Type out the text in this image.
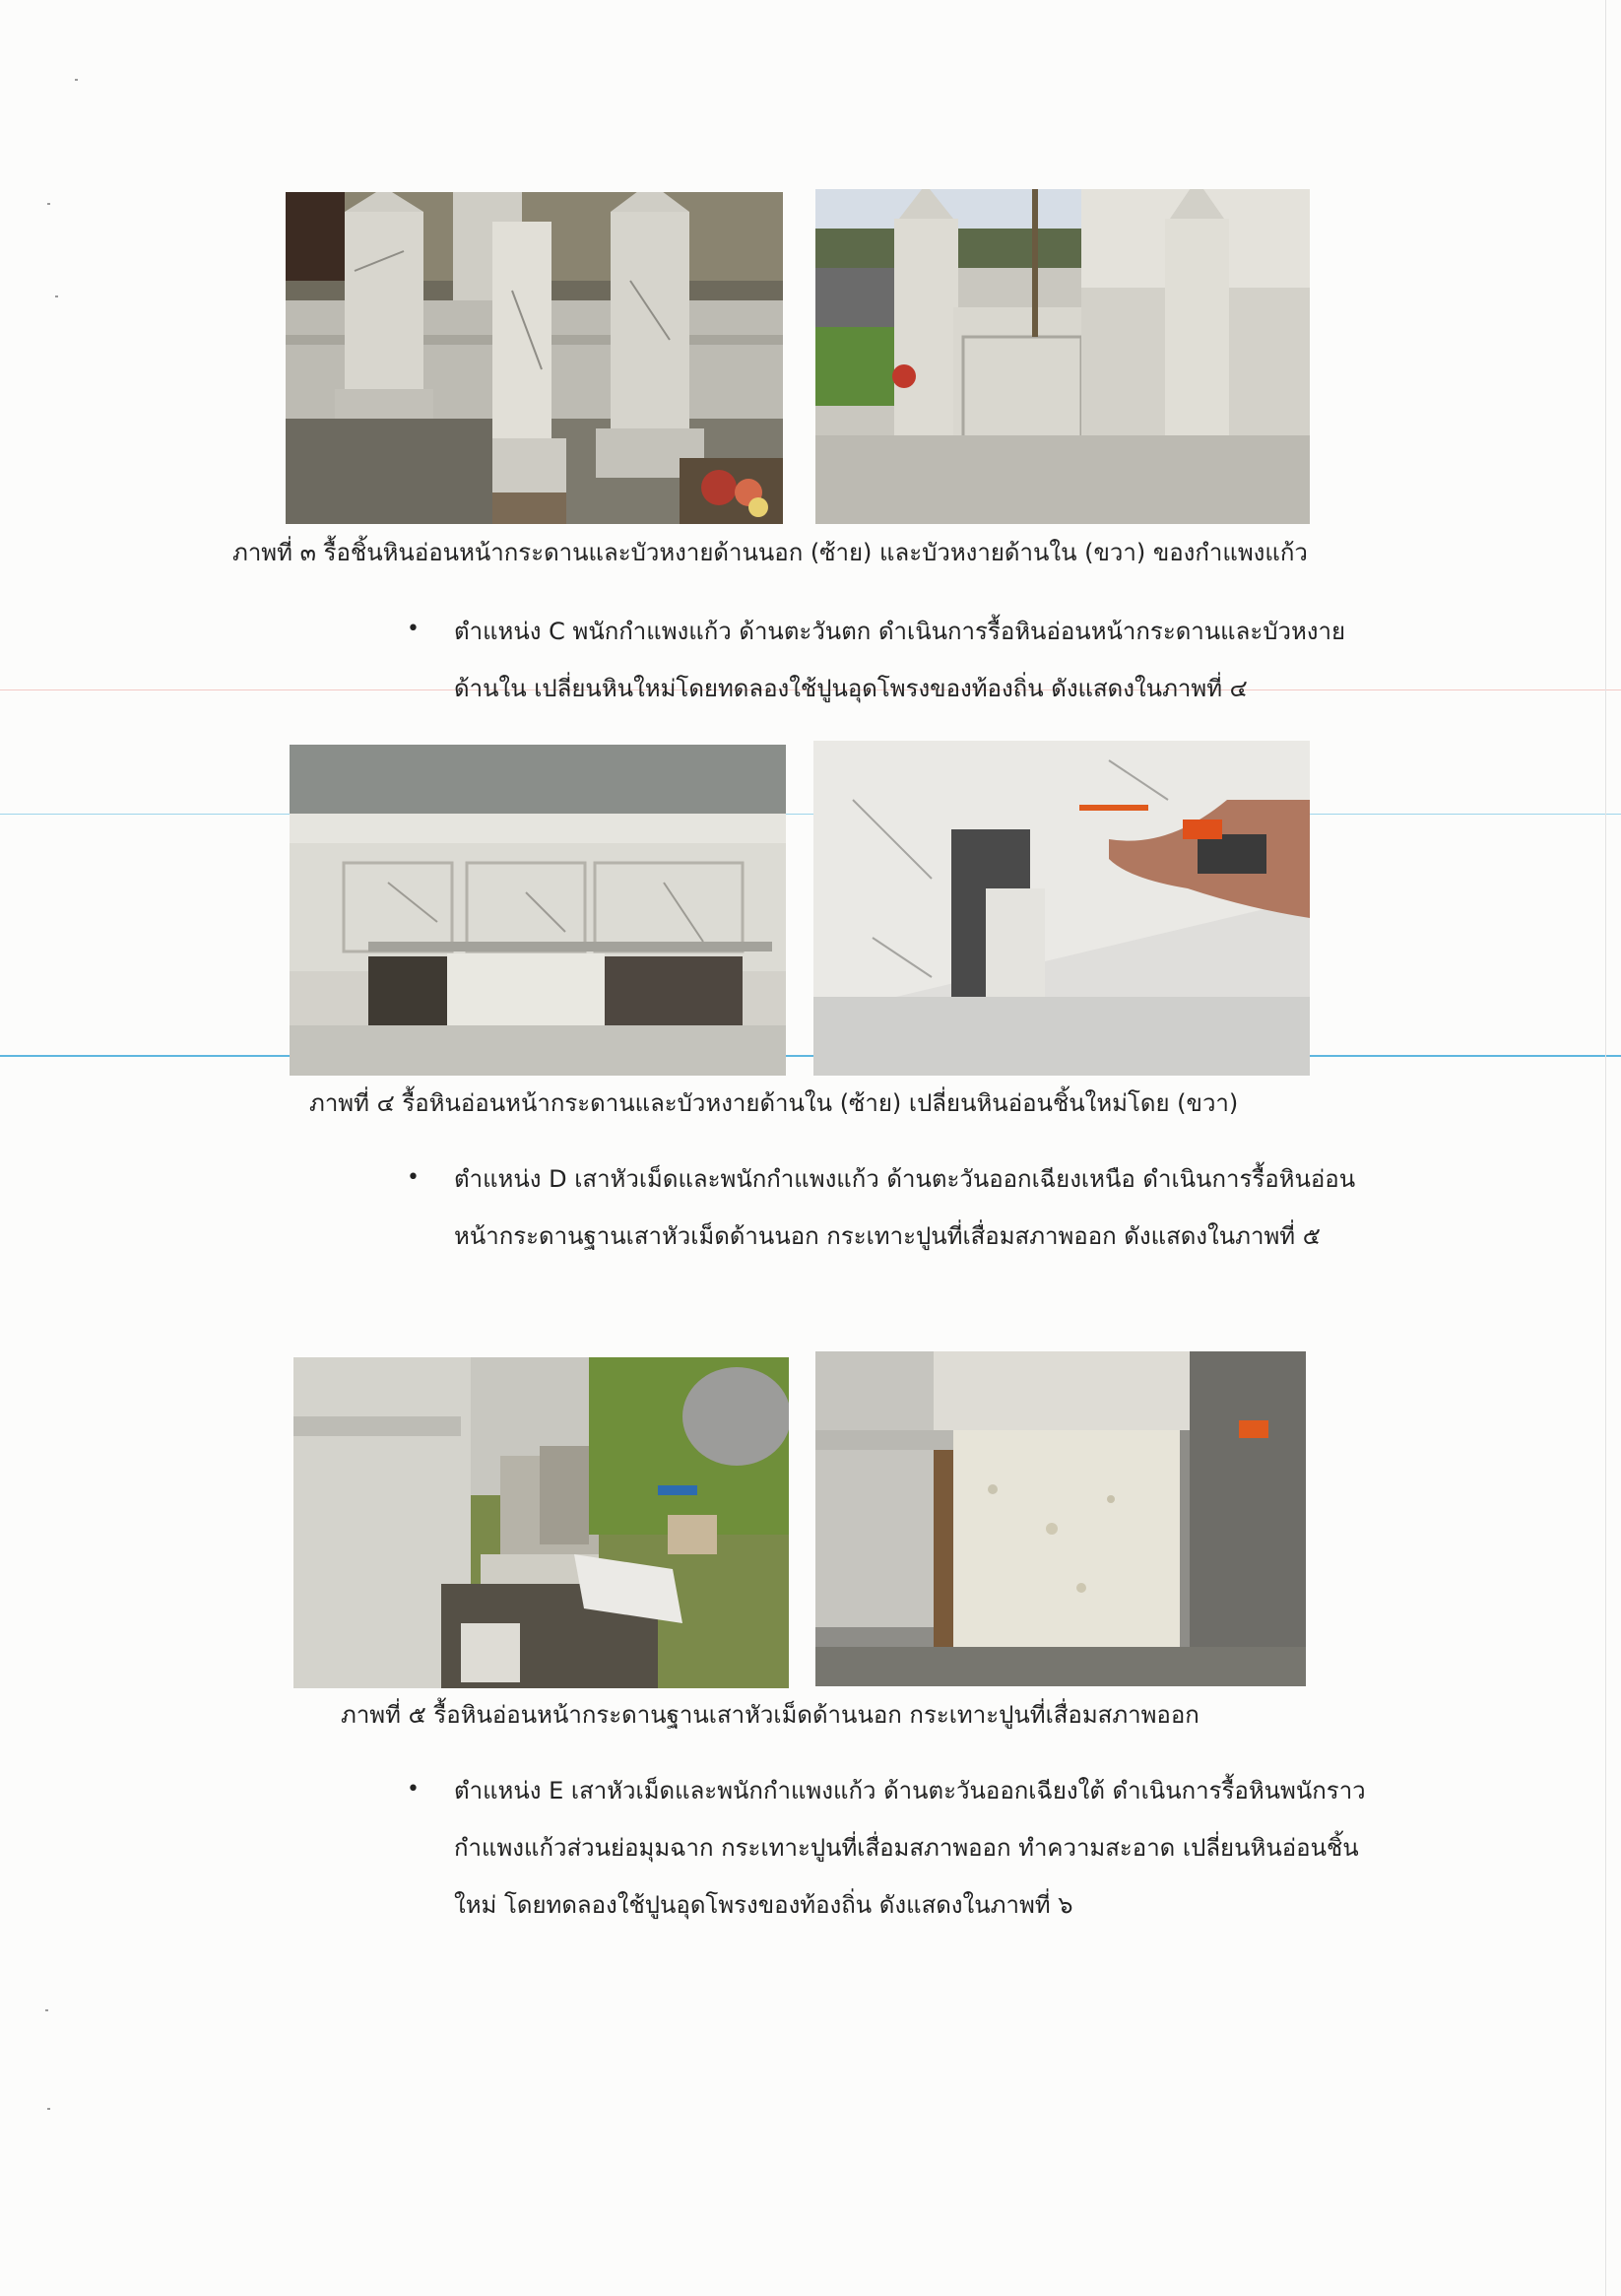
ภาพที่ ๓ รื้อชิ้นหินอ่อนหน้ากระดานและบัวหงายด้านนอก (ซ้าย) และบัวหงายด้านใน (ขวา) ของกำแพงแก้ว
• ตำแหน่ง C พนักกำแพงแก้ว ด้านตะวันตก ดำเนินการรื้อหินอ่อนหน้ากระดานและบัวหงายด้านใน เปลี่ยนหินใหม่โดยทดลองใช้ปูนอุดโพรงของท้องถิ่น ดังแสดงในภาพที่ ๔
ภาพที่ ๔ รื้อหินอ่อนหน้ากระดานและบัวหงายด้านใน (ซ้าย) เปลี่ยนหินอ่อนชิ้นใหม่โดย (ขวา)
• ตำแหน่ง D เสาหัวเม็ดและพนักกำแพงแก้ว ด้านตะวันออกเฉียงเหนือ ดำเนินการรื้อหินอ่อนหน้ากระดานฐานเสาหัวเม็ดด้านนอก กระเทาะปูนที่เสื่อมสภาพออก ดังแสดงในภาพที่ ๕
ภาพที่ ๕ รื้อหินอ่อนหน้ากระดานฐานเสาหัวเม็ดด้านนอก กระเทาะปูนที่เสื่อมสภาพออก
• ตำแหน่ง E เสาหัวเม็ดและพนักกำแพงแก้ว ด้านตะวันออกเฉียงใต้ ดำเนินการรื้อหินพนักราวกำแพงแก้วส่วนย่อมุมฉาก กระเทาะปูนที่เสื่อมสภาพออก ทำความสะอาด เปลี่ยนหินอ่อนชิ้นใหม่ โดยทดลองใช้ปูนอุดโพรงของท้องถิ่น ดังแสดงในภาพที่ ๖
